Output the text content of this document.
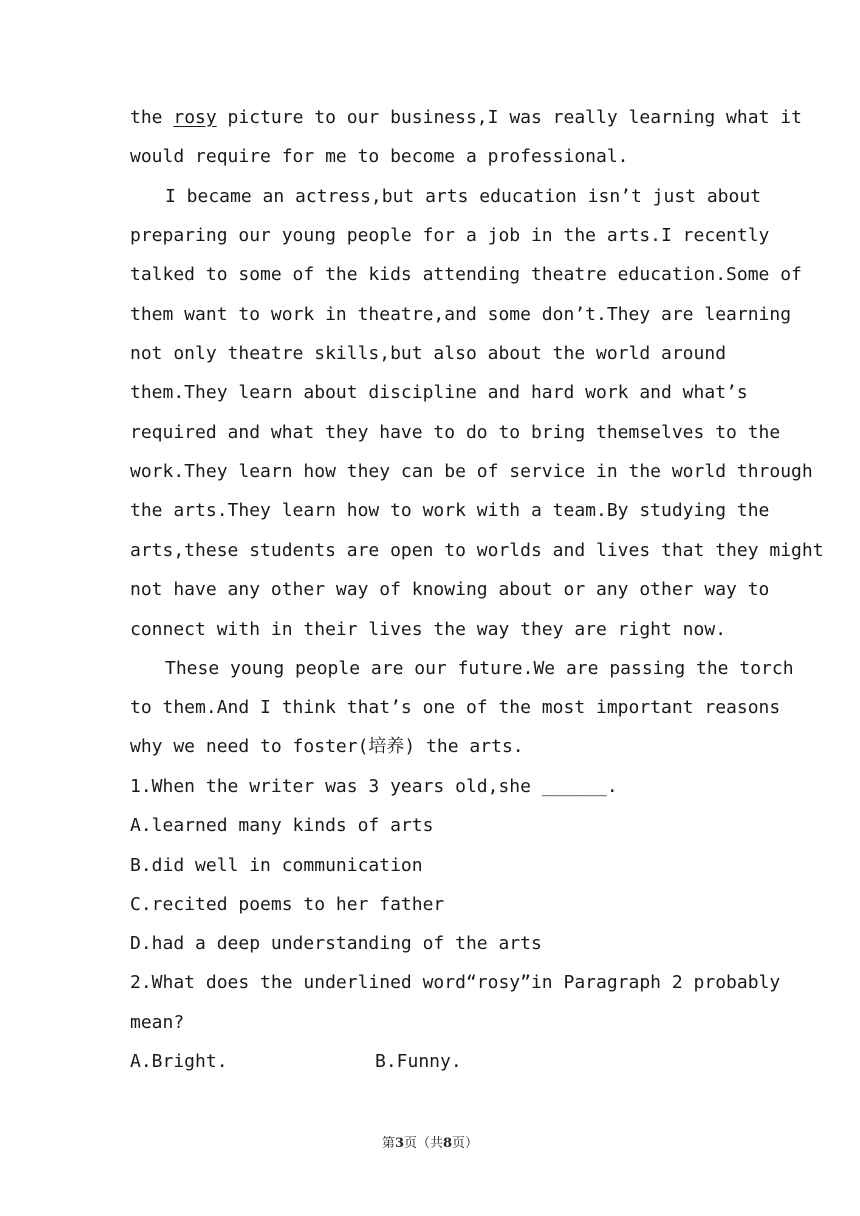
the rosy picture to our business,I was really learning what it
would require for me to become a professional.
I became an actress,but arts education isn’t just about
preparing our young people for a job in the arts.I recently
talked to some of the kids attending theatre education.Some of
them want to work in theatre,and some don’t.They are learning
not only theatre skills,but also about the world around
them.They learn about discipline and hard work and what’s
required and what they have to do to bring themselves to the
work.They learn how they can be of service in the world through
the arts.They learn how to work with a team.By studying the
arts,these students are open to worlds and lives that they might
not have any other way of knowing about or any other way to
connect with in their lives the way they are right now.
These young people are our future.We are passing the torch
to them.And I think that’s one of the most important reasons
why we need to foster(培养) the arts.
1.When the writer was 3 years old,she ______.
A.learned many kinds of arts
B.did well in communication
C.recited poems to her father
D.had a deep understanding of the arts
2.What does the underlined word“rosy”in Paragraph 2 probably
mean?
A.Bright.	B.Funny.
第3页（共8页）
